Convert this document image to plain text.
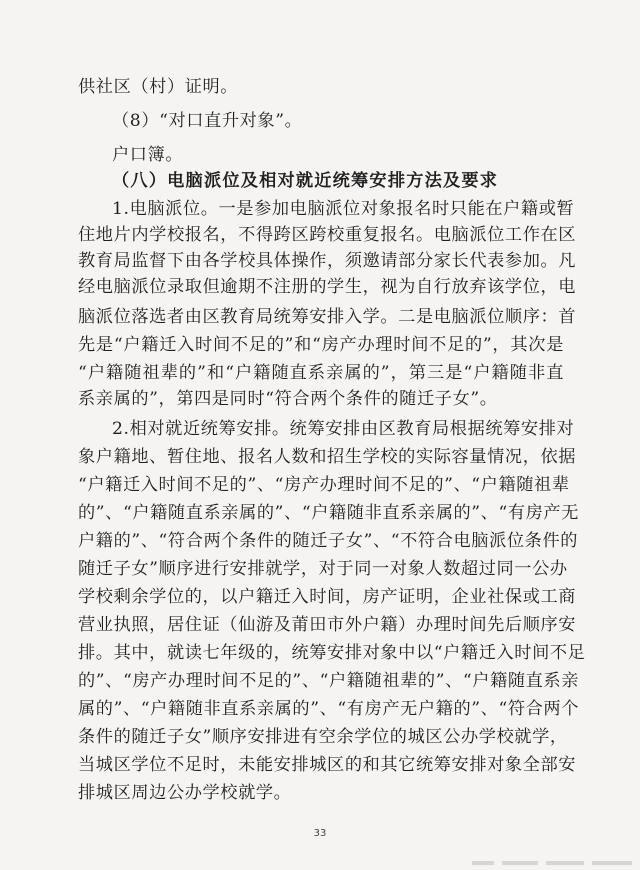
供社区（村）证明。
（8）“对口直升对象”。
户口簿。
（八）电脑派位及相对就近统筹安排方法及要求
1.电脑派位。一是参加电脑派位对象报名时只能在户籍或暂
住地片内学校报名，不得跨区跨校重复报名。电脑派位工作在区
教育局监督下由各学校具体操作，须邀请部分家长代表参加。凡
经电脑派位录取但逾期不注册的学生，视为自行放弃该学位，电
脑派位落选者由区教育局统筹安排入学。二是电脑派位顺序：首
先是“户籍迁入时间不足的”和“房产办理时间不足的”，其次是
“户籍随祖辈的”和“户籍随直系亲属的”，第三是“户籍随非直
系亲属的”，第四是同时“符合两个条件的随迁子女”。
2.相对就近统筹安排。统筹安排由区教育局根据统筹安排对
象户籍地、暂住地、报名人数和招生学校的实际容量情况，依据
“户籍迁入时间不足的”、“房产办理时间不足的”、“户籍随祖辈
的”、“户籍随直系亲属的”、“户籍随非直系亲属的”、“有房产无
户籍的”、“符合两个条件的随迁子女”、“不符合电脑派位条件的
随迁子女”顺序进行安排就学，对于同一对象人数超过同一公办
学校剩余学位的，以户籍迁入时间，房产证明，企业社保或工商
营业执照，居住证（仙游及莆田市外户籍）办理时间先后顺序安
排。其中，就读七年级的，统筹安排对象中以“户籍迁入时间不足
的”、“房产办理时间不足的”、“户籍随祖辈的”、“户籍随直系亲
属的”、“户籍随非直系亲属的”、“有房产无户籍的”、“符合两个
条件的随迁子女”顺序安排进有空余学位的城区公办学校就学，
当城区学位不足时，未能安排城区的和其它统筹安排对象全部安
排城区周边公办学校就学。
33
